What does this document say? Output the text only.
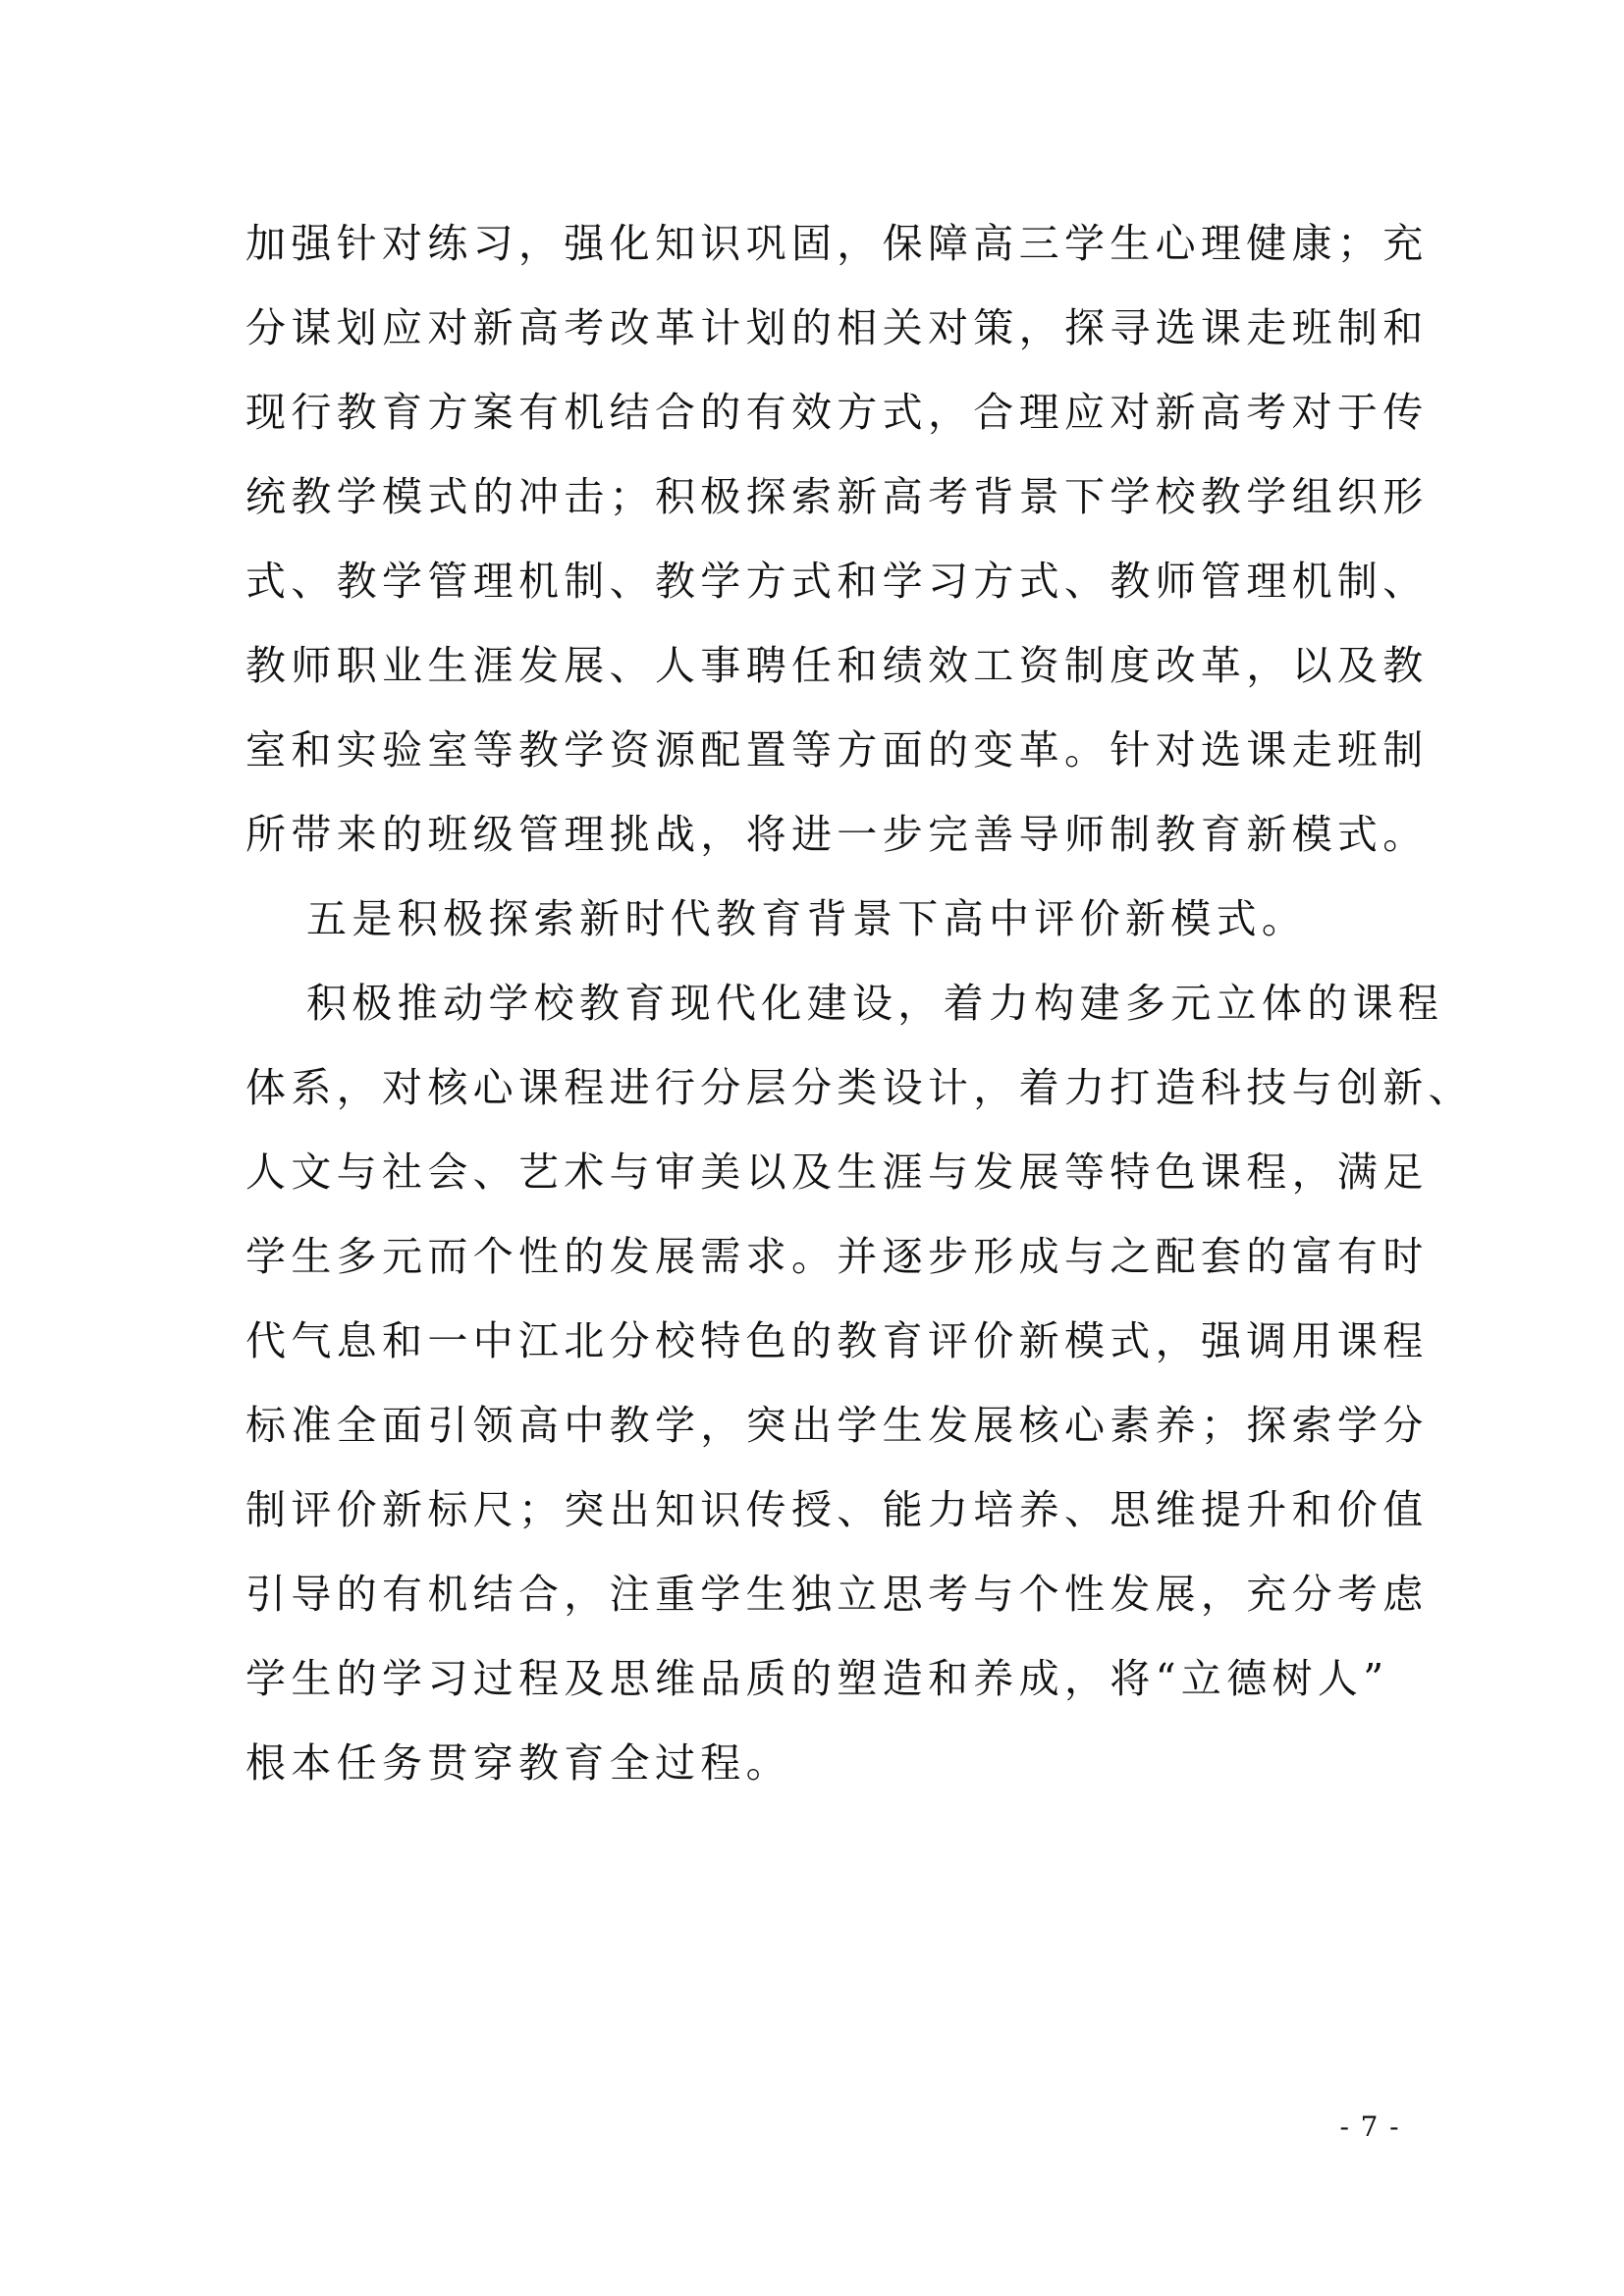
加强针对练习，强化知识巩固，保障高三学生心理健康；充
分谋划应对新高考改革计划的相关对策，探寻选课走班制和
现行教育方案有机结合的有效方式，合理应对新高考对于传
统教学模式的冲击；积极探索新高考背景下学校教学组织形
式、教学管理机制、教学方式和学习方式、教师管理机制、
教师职业生涯发展、人事聘任和绩效工资制度改革，以及教
室和实验室等教学资源配置等方面的变革。针对选课走班制
所带来的班级管理挑战，将进一步完善导师制教育新模式。
五是积极探索新时代教育背景下高中评价新模式。
积极推动学校教育现代化建设，着力构建多元立体的课程
体系，对核心课程进行分层分类设计，着力打造科技与创新、
人文与社会、艺术与审美以及生涯与发展等特色课程，满足
学生多元而个性的发展需求。并逐步形成与之配套的富有时
代气息和一中江北分校特色的教育评价新模式，强调用课程
标准全面引领高中教学，突出学生发展核心素养；探索学分
制评价新标尺；突出知识传授、能力培养、思维提升和价值
引导的有机结合，注重学生独立思考与个性发展，充分考虑
学生的学习过程及思维品质的塑造和养成，将“立德树人”
根本任务贯穿教育全过程。
- 7 -
